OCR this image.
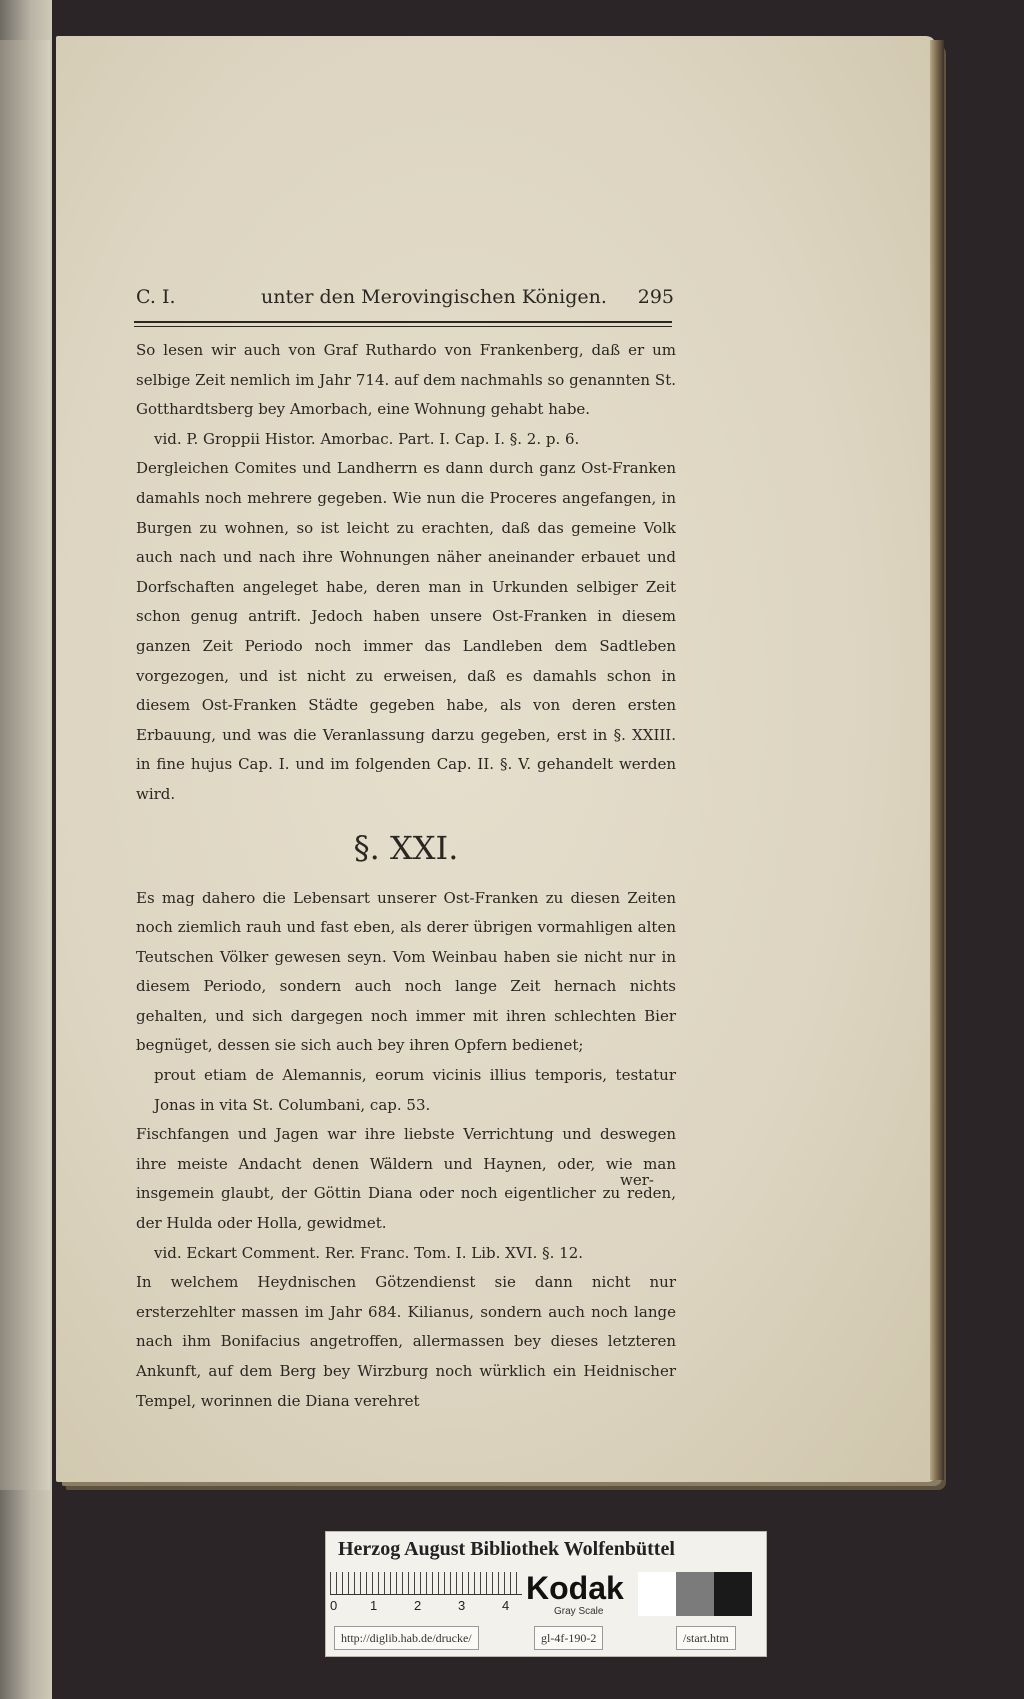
C. I.	unter den Merovingischen Königen. 295

So lesen wir auch von Graf Ruthardo von Frankenberg, daß er um selbige Zeit nemlich im Jahr 714. auf dem nachmahls so genannten St. Gotthardtsberg bey Amorbach, eine Wohnung gehabt habe.

vid. P. Groppii Histor. Amorbac. Part. I. Cap. I. §. 2. p. 6.

Dergleichen Comites und Landherrn es dann durch ganz Ost-Franken damahls noch mehrere gegeben. Wie nun die Proceres angefangen, in Burgen zu wohnen, so ist leicht zu erachten, daß das gemeine Volk auch nach und nach ihre Wohnungen näher aneinander erbauet und Dorfschaften angeleget habe, deren man in Urkunden selbiger Zeit schon genug antrift. Jedoch haben unsere Ost-Franken in diesem ganzen Zeit Periodo noch immer das Landleben dem Sadtleben vorgezogen, und ist nicht zu erweisen, daß es damahls schon in diesem Ost-Franken Städte gegeben habe, als von deren ersten Erbauung, und was die Veranlassung darzu gegeben, erst in §. XXIII. in fine hujus Cap. I. und im folgenden Cap. II. §. V. gehandelt werden wird.

§. XXI.

Es mag dahero die Lebensart unserer Ost-Franken zu diesen Zeiten noch ziemlich rauh und fast eben, als derer übrigen vormahligen alten Teutschen Völker gewesen seyn. Vom Weinbau haben sie nicht nur in diesem Periodo, sondern auch noch lange Zeit hernach nichts gehalten, und sich dargegen noch immer mit ihren schlechten Bier begnüget, dessen sie sich auch bey ihren Opfern bedienet;

prout etiam de Alemannis, eorum vicinis illius temporis, testatur Jonas in vita St. Columbani, cap. 53.

Fischfangen und Jagen war ihre liebste Verrichtung und deswegen ihre meiste Andacht denen Wäldern und Haynen, oder, wie man insgemein glaubt, der Göttin Diana oder noch eigentlicher zu reden, der Hulda oder Holla, gewidmet.

vid. Eckart Comment. Rer. Franc. Tom. I. Lib. XVI. §. 12.

In welchem Heydnischen Götzendienst sie dann nicht nur ersterzehlter massen im Jahr 684. Kilianus, sondern auch noch lange nach ihm Bonifacius angetroffen, allermassen bey dieses letzteren Ankunft, auf dem Berg bey Wirzburg noch würklich ein Heidnischer Tempel, worinnen die Diana verehret

wer-
Herzog August Bibliothek Wolfenbüttel
0	1	2	3	4 Kodak
Gray Scale
http://diglib.hab.de/drucke/	gl-4f-190-2	/start.htm
